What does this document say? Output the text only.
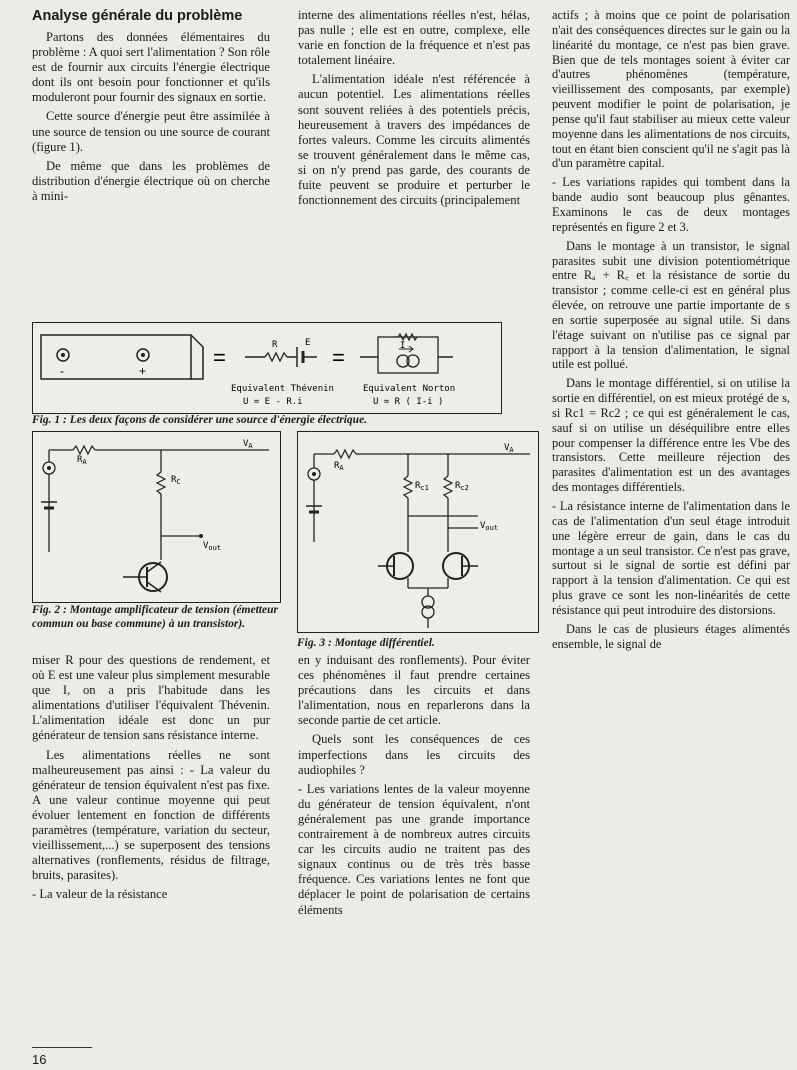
Analyse générale du problème

Partons des données élémentaires du problème : A quoi sert l'alimentation ? Son rôle est de fournir aux circuits l'énergie électrique dont ils ont besoin pour fonctionner et qu'ils moduleront pour fournir des signaux en sortie.

Cette source d'énergie peut être assimilée à une source de tension ou une source de courant (figure 1).

De même que dans les problèmes de distribution d'énergie électrique où on cherche à mini-

interne des alimentations réelles n'est, hélas, pas nulle ; elle est en outre, complexe, elle varie en fonction de la fréquence et n'est pas totalement linéaire.

L'alimentation idéale n'est référencée à aucun potentiel. Les alimentations réelles sont souvent reliées à des potentiels précis, heureusement à travers des impédances de fortes valeurs. Comme les circuits alimentés se trouvent généralement dans le même cas, si on n'y prend pas garde, des courants de fuite peuvent se produire et perturber le fonctionnement des circuits (principalement

actifs ; à moins que ce point de polarisation n'ait des conséquences directes sur le gain ou la linéarité du montage, ce n'est pas bien grave. Bien que de tels montages soient à éviter car d'autres phénomènes (température, vieillissement des composants, par exemple) peuvent modifier le point de polarisation, je pense qu'il faut stabiliser au mieux cette valeur moyenne dans les alimentations de nos circuits, tout en étant bien conscient qu'il ne s'agit pas là d'un paramètre capital.

- Les variations rapides qui tombent dans la bande audio sont beaucoup plus gênantes. Examinons le cas de deux montages représentés en figure 2 et 3.

Dans le montage à un transistor, le signal parasites subit une division potentiométrique entre Rₐ + R꜀ et la résistance de sortie du transistor ; comme celle-ci est en général plus élevée, on retrouve une partie importante de s en sortie superposée au signal utile. Si dans l'étage suivant on n'utilise pas ce signal par rapport à la tension d'alimentation, le signal utile est pollué.

Dans le montage différentiel, si on utilise la sortie en différentiel, on est mieux protégé de s, si Rc1 = Rc2 ; ce qui est généralement le cas, sauf si on utilise un déséquilibre entre elles pour compenser la différence entre les Vbe des transistors. Cette meilleure réjection des parasites d'alimentation est un des avantages des montages différentiels.

- La résistance interne de l'alimentation dans le cas de l'alimentation d'un seul étage introduit une légère erreur de gain, dans le cas du montage a un seul transistor. Ce n'est pas grave, surtout si le signal de sortie est défini par rapport à la tension d'alimentation. Ce qui est plus grave ce sont les non-linéarités de cette résistance qui peut introduire des distorsions.

Dans le cas de plusieurs étages alimentés ensemble, le signal de

-	+
=	R	E
=	I
Equivalent Thévenin
U = E - R.i
Equivalent Norton
U = R ( I-i )
Fig. 1 : Les deux façons de considérer une source d'énergie électrique.
$R_A$
$V_A$
$R_C$
$V_{out}$
Fig. 2 : Montage amplificateur de tension (émetteur commun ou base commune) à un transistor).
$R_A$
$V_A$
$R_{c1}$	$R_{c2}$
$V_{out}$
Fig. 3 : Montage différentiel.

miser R pour des questions de rendement, et où E est une valeur plus simplement mesurable que I, on a pris l'habitude dans les alimentations d'utiliser l'équivalent Thévenin. L'alimentation idéale est donc un pur générateur de tension sans résistance interne.

Les alimentations réelles ne sont malheureusement pas ainsi : - La valeur du générateur de tension équivalent n'est pas fixe. A une valeur continue moyenne qui peut évoluer lentement en fonction de différents paramètres (température, variation du secteur, vieillissement,...) se superposent des tensions alternatives (ronflements, résidus de filtrage, bruits, parasites).

- La valeur de la résistance

en y induisant des ronflements). Pour éviter ces phénomènes il faut prendre certaines précautions dans les circuits et dans l'alimentation, nous en reparlerons dans la seconde partie de cet article.

Quels sont les conséquences de ces imperfections dans les circuits des audiophiles ?

- Les variations lentes de la valeur moyenne du générateur de tension équivalent, n'ont généralement pas une grande importance contrairement à de nombreux autres circuits car les circuits audio ne traitent pas des signaux continus ou de très très basse fréquence. Ces variations lentes ne font que déplacer le point de polarisation de certains éléments

16
